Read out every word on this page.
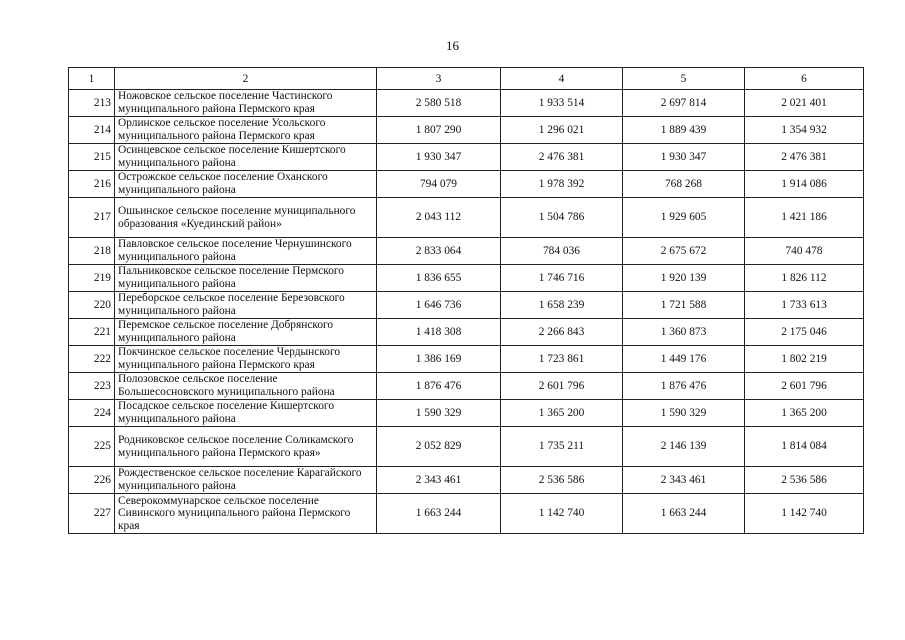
16
1	2	3	4	5	6
213	Ножовское сельское поселение Частинского муниципального района Пермского края	2 580 518	1 933 514	2 697 814	2 021 401
214	Орлинское сельское поселение Усольского муниципального района Пермского края	1 807 290	1 296 021	1 889 439	1 354 932
215	Осинцевское сельское поселение Кишертского муниципального района	1 930 347	2 476 381	1 930 347	2 476 381
216	Острожское сельское поселение Оханского муниципального района	794 079	1 978 392	768 268	1 914 086
217	Ошьинское сельское поселение муниципального образования «Куединский район»	2 043 112	1 504 786	1 929 605	1 421 186
218	Павловское сельское поселение Чернушинского муниципального района	2 833 064	784 036	2 675 672	740 478
219	Пальниковское сельское поселение Пермского муниципального района	1 836 655	1 746 716	1 920 139	1 826 112
220	Переборское сельское поселение Березовского муниципального района	1 646 736	1 658 239	1 721 588	1 733 613
221	Перемское сельское поселение Добрянского муниципального района	1 418 308	2 266 843	1 360 873	2 175 046
222	Покчинское сельское поселение Чердынского муниципального района Пермского края	1 386 169	1 723 861	1 449 176	1 802 219
223	Полозовское сельское поселение Большесосновского муниципального района	1 876 476	2 601 796	1 876 476	2 601 796
224	Посадское сельское поселение Кишертского муниципального района	1 590 329	1 365 200	1 590 329	1 365 200
225	Родниковское сельское поселение Соликамского муниципального района Пермского края»	2 052 829	1 735 211	2 146 139	1 814 084
226	Рождественское сельское поселение Карагайского муниципального района	2 343 461	2 536 586	2 343 461	2 536 586
227	Северокоммунарское сельское поселение Сивинского муниципального района Пермского края	1 663 244	1 142 740	1 663 244	1 142 740
